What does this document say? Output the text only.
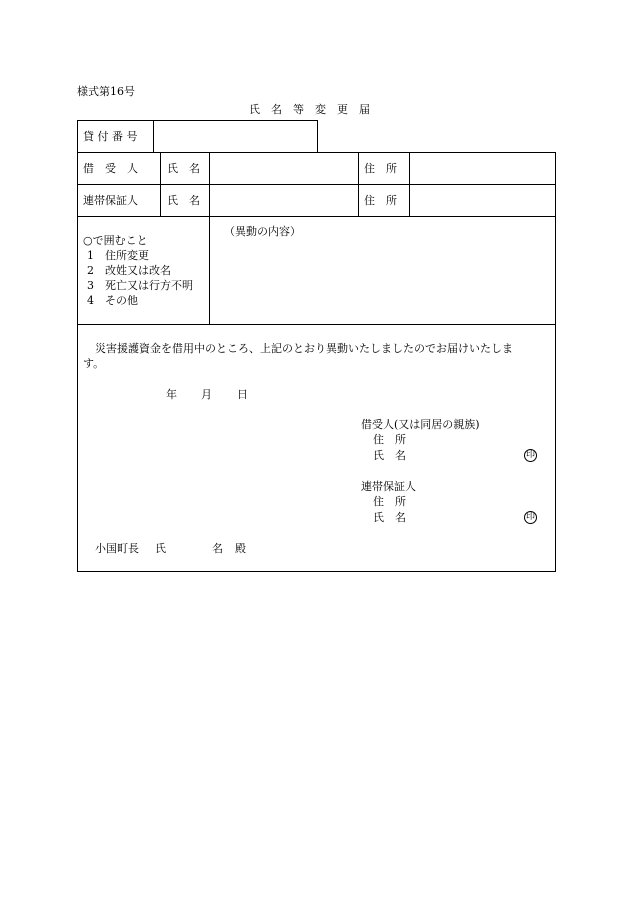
様式第16号
氏　名　等　変　更　届
貸 付 番 号
借　受　人	氏　名	住　所
連帯保証人	氏　名	住　所
○で囲むこと
1　住所変更
2　改姓又は改名
3　死亡又は行方不明
4　その他
（異動の内容）
災害援護資金を借用中のところ、上記のとおり異動いたしましたのでお届けいたしま
す。
年 月 日
借受人(又は同居の親族)
住　所
氏　名	印
連帯保証人
住　所
氏　名	印
小国町長 氏	名 殿
